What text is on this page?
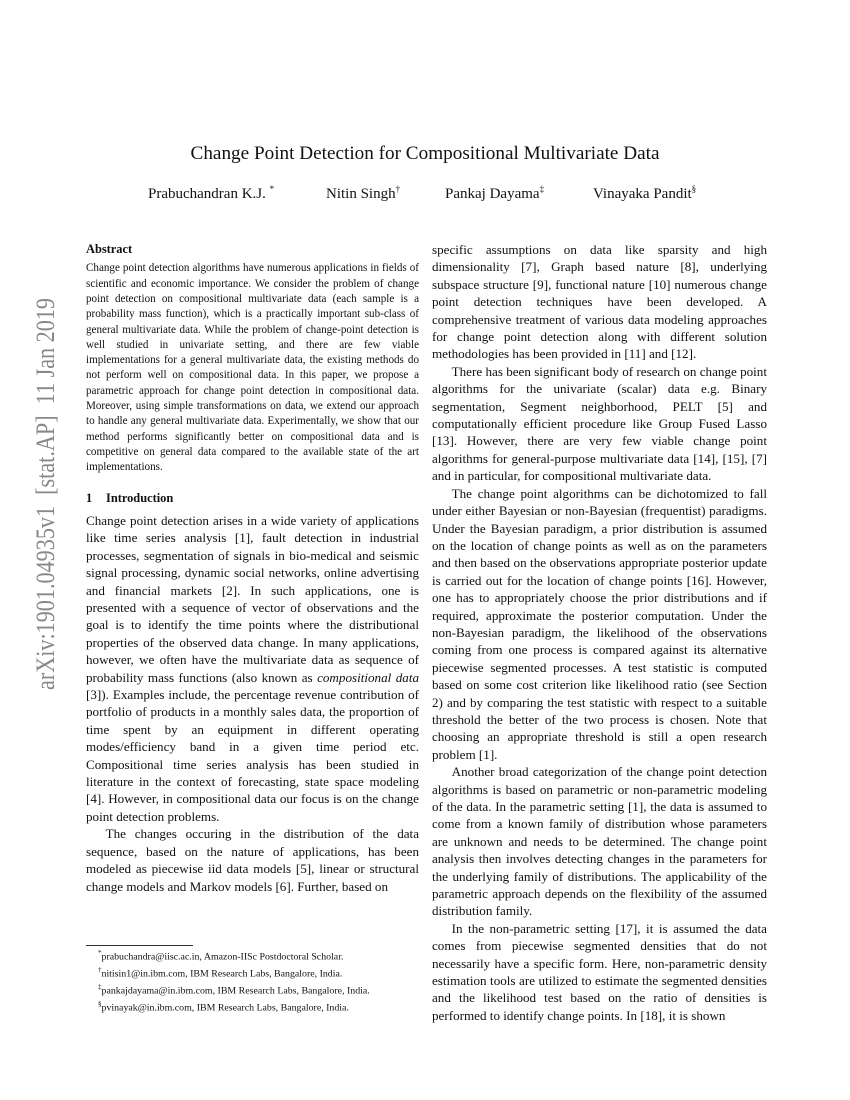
arXiv:1901.04935v1  [stat.AP]  11 Jan 2019
Change Point Detection for Compositional Multivariate Data
Prabuchandran K.J. *	Nitin Singh†	Pankaj Dayama‡	Vinayaka Pandit§
Abstract

Change point detection algorithms have numerous applications in fields of scientific and economic importance. We consider the problem of change point detection on compositional multivariate data (each sample is a probability mass function), which is a practically important sub-class of general multivariate data. While the problem of change-point detection is well studied in univariate setting, and there are few viable implementations for a general multivariate data, the existing methods do not perform well on compositional data. In this paper, we propose a parametric approach for change point detection in compositional data. Moreover, using simple transformations on data, we extend our approach to handle any general multivariate data. Experimentally, we show that our method performs significantly better on compositional data and is competitive on general data compared to the available state of the art implementations.

1 Introduction

Change point detection arises in a wide variety of applications like time series analysis [1], fault detection in industrial processes, segmentation of signals in bio-medical and seismic signal processing, dynamic social networks, online advertising and financial markets [2]. In such applications, one is presented with a sequence of vector of observations and the goal is to identify the time points where the distributional properties of the observed data change. In many applications, however, we often have the multivariate data as sequence of probability mass functions (also known as compositional data [3]). Examples include, the percentage revenue contribution of portfolio of products in a monthly sales data, the proportion of time spent by an equipment in different operating modes/efficiency band in a given time period etc. Compositional time series analysis has been studied in literature in the context of forecasting, state space modeling [4]. However, in compositional data our focus is on the change point detection problems.

The changes occuring in the distribution of the data sequence, based on the nature of applications, has been modeled as piecewise iid data models [5], linear or structural change models and Markov models [6]. Further, based on

specific assumptions on data like sparsity and high dimensionality [7], Graph based nature [8], underlying subspace structure [9], functional nature [10] numerous change point detection techniques have been developed. A comprehensive treatment of various data modeling approaches for change point detection along with different solution methodologies has been provided in [11] and [12].

There has been significant body of research on change point algorithms for the univariate (scalar) data e.g. Binary segmentation, Segment neighborhood, PELT [5] and computationally efficient procedure like Group Fused Lasso [13]. However, there are very few viable change point algorithms for general-purpose multivariate data [14], [15], [7] and in particular, for compositional multivariate data.

The change point algorithms can be dichotomized to fall under either Bayesian or non-Bayesian (frequentist) paradigms. Under the Bayesian paradigm, a prior distribution is assumed on the location of change points as well as on the parameters and then based on the observations appropriate posterior update is carried out for the location of change points [16]. However, one has to appropriately choose the prior distributions and if required, approximate the posterior computation. Under the non-Bayesian paradigm, the likelihood of the observations coming from one process is compared against its alternative piecewise segmented processes. A test statistic is computed based on some cost criterion like likelihood ratio (see Section 2) and by comparing the test statistic with respect to a suitable threshold the better of the two process is chosen. Note that choosing an appropriate threshold is still a open research problem [1].

Another broad categorization of the change point detection algorithms is based on parametric or non-parametric modeling of the data. In the parametric setting [1], the data is assumed to come from a known family of distribution whose parameters are unknown and needs to be determined. The change point analysis then involves detecting changes in the parameters for the underlying family of distributions. The applicability of the parametric approach depends on the flexibility of the assumed distribution family.

In the non-parametric setting [17], it is assumed the data comes from piecewise segmented densities that do not necessarily have a specific form. Here, non-parametric density estimation tools are utilized to estimate the segmented densities and the likelihood test based on the ratio of densities is performed to identify change points. In [18], it is shown

*prabuchandra@iisc.ac.in, Amazon-IISc Postdoctoral Scholar.
†nitisin1@in.ibm.com, IBM Research Labs, Bangalore, India.
‡pankajdayama@in.ibm.com, IBM Research Labs, Bangalore, India.
§pvinayak@in.ibm.com, IBM Research Labs, Bangalore, India.
